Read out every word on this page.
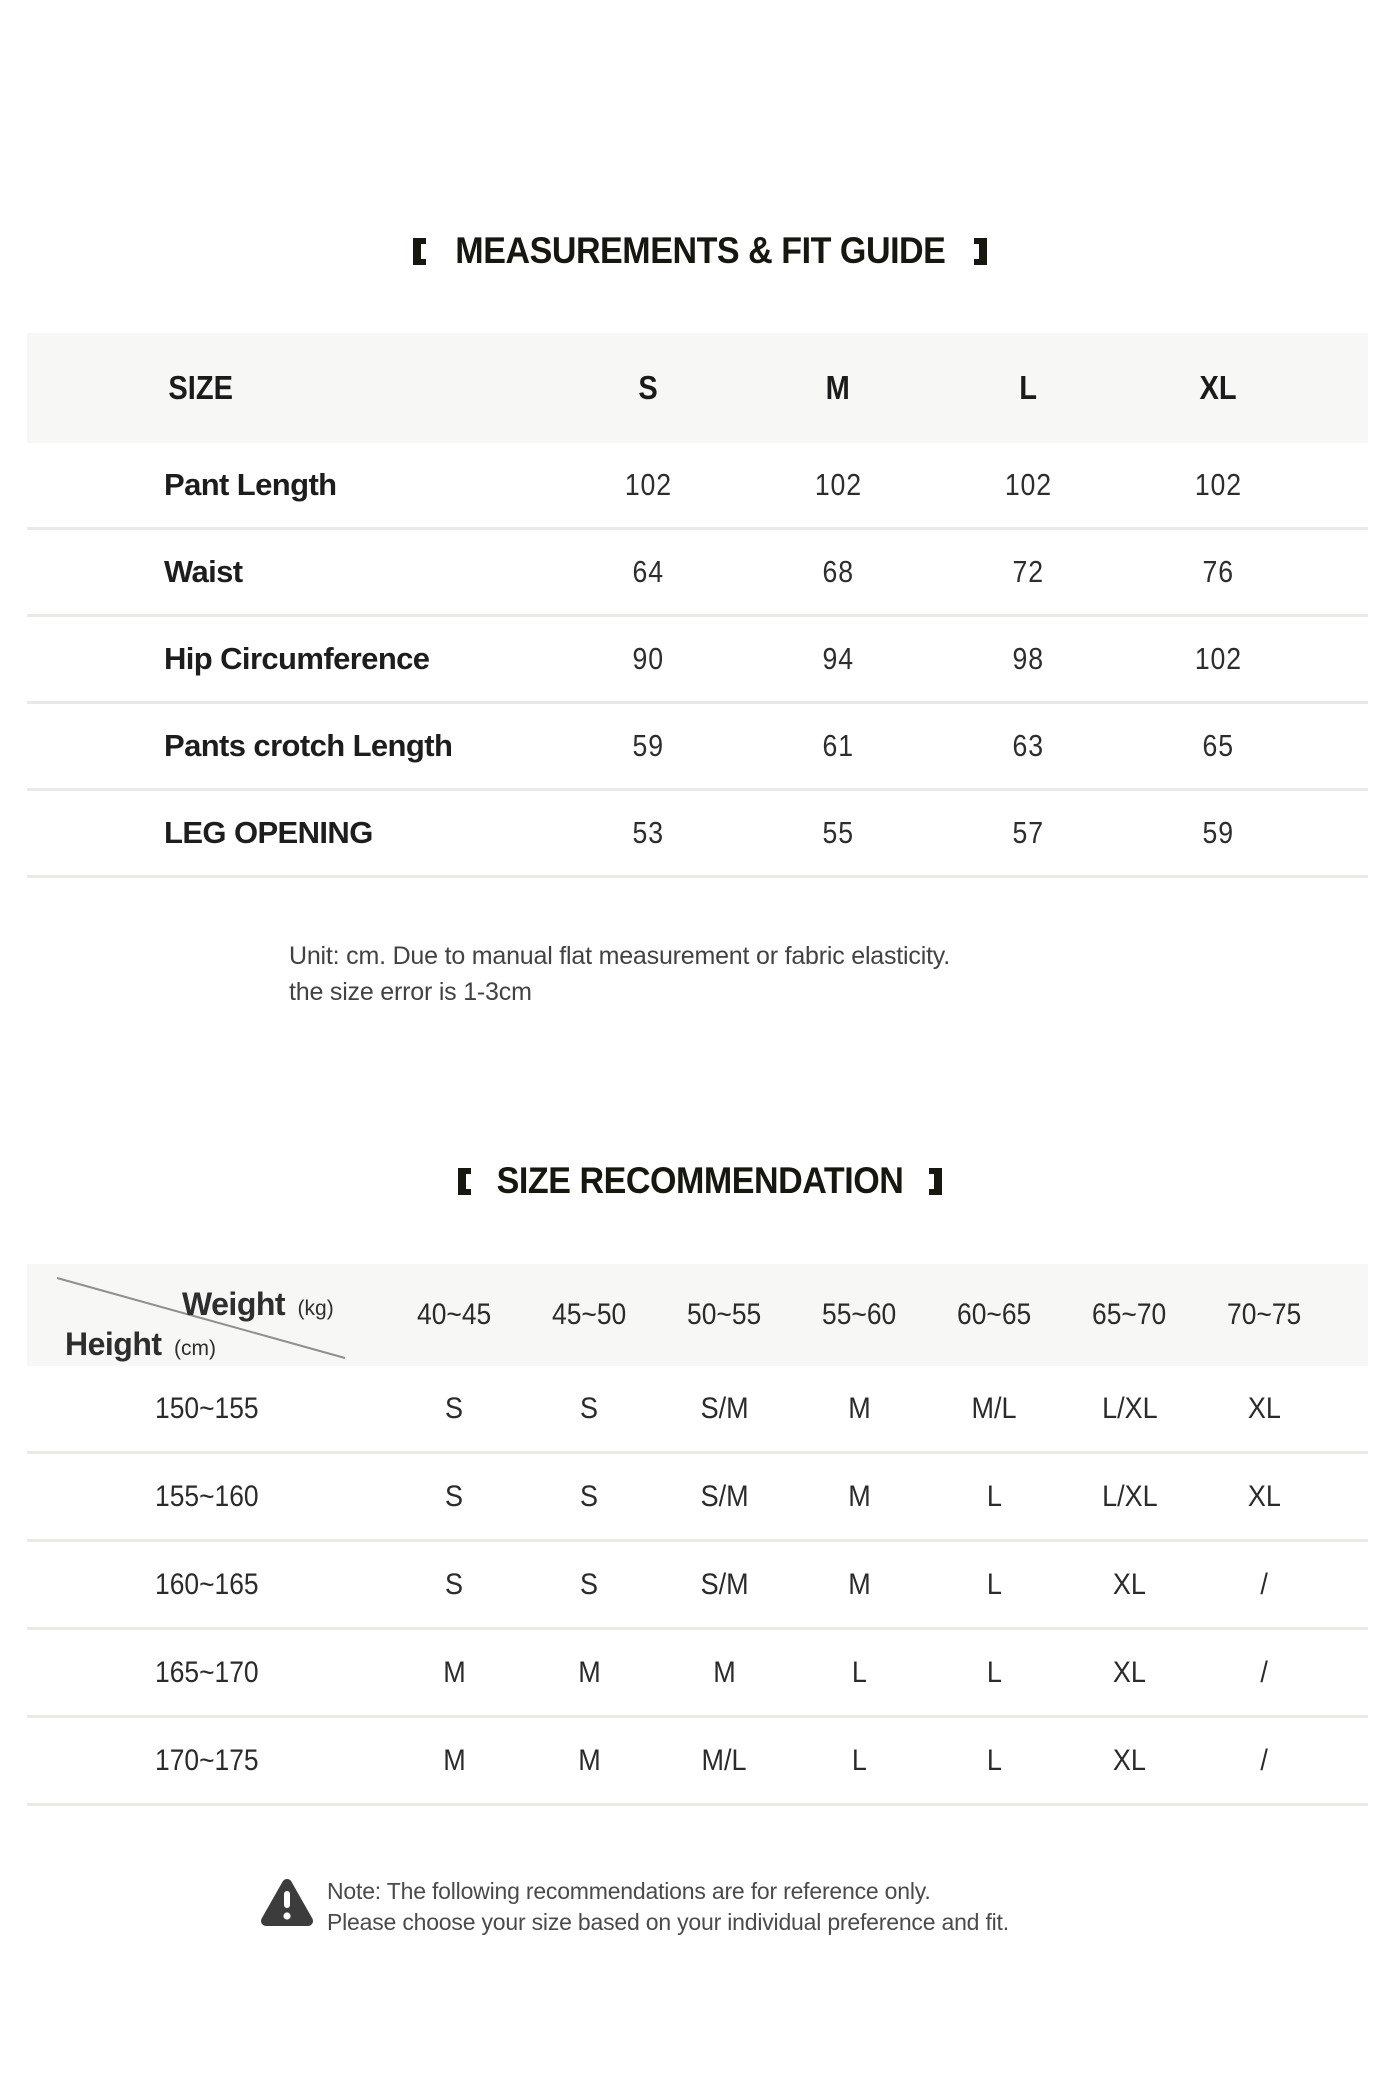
MEASUREMENTS & FIT GUIDE
SIZE	S	M	L	XL
Pant Length	102	102	102	102
Waist	64	68	72	76
Hip Circumference	90	94	98	102
Pants crotch Length	59	61	63	65
LEG OPENING	53	55	57	59
Unit: cm. Due to manual flat measurement or fabric elasticity.
the size error is 1-3cm
SIZE RECOMMENDATION
Weight (kg)
Height (cm)
40~45	45~50	50~55	55~60	60~65	65~70	70~75
150~155	S	S	S/M	M	M/L	L/XL	XL
155~160	S	S	S/M	M	L	L/XL	XL
160~165	S	S	S/M	M	L	XL	/
165~170	M	M	M	L	L	XL	/
170~175	M	M	M/L	L	L	XL	/
Note: The following recommendations are for reference only.
Please choose your size based on your individual preference and fit.
